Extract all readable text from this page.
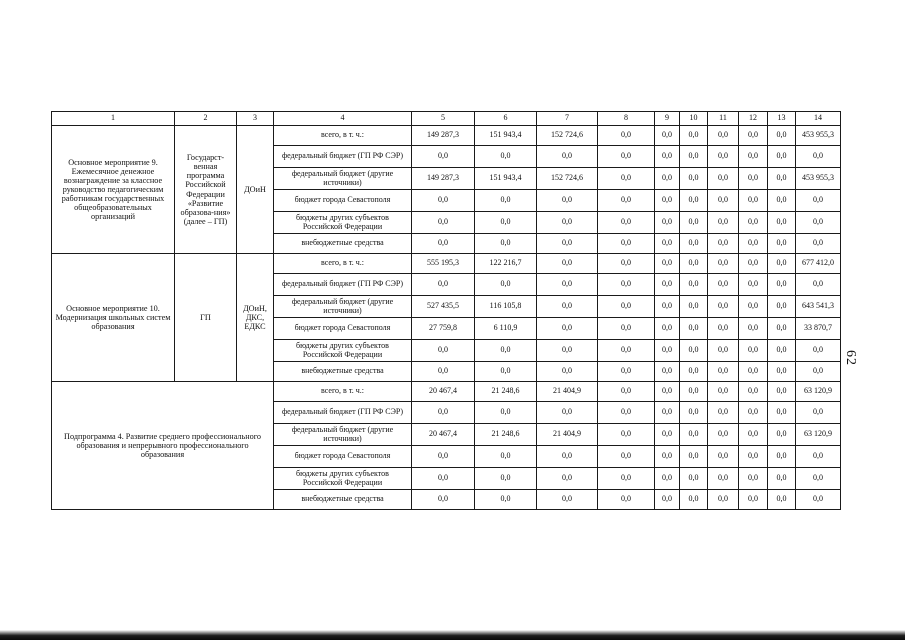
1	2	3	4	5	6	7	8	9	10	11	12	13	14
Основное мероприятие 9. Ежемесячное денежное вознаграждение за классное руководство педагогическим работникам государственных общеобразовательных организаций	Государст-венная программа Российской Федерации «Развитие образова-ния» (далее – ГП)	ДОиН	всего, в т. ч.:	149 287,3	151 943,4	152 724,6	0,0	0,0	0,0	0,0	0,0	0,0	453 955,3
			федеральный бюджет (ГП РФ СЭР)	0,0	0,0	0,0	0,0	0,0	0,0	0,0	0,0	0,0	0,0
			федеральный бюджет (другие источники)	149 287,3	151 943,4	152 724,6	0,0	0,0	0,0	0,0	0,0	0,0	453 955,3
			бюджет города Севастополя	0,0	0,0	0,0	0,0	0,0	0,0	0,0	0,0	0,0	0,0
			бюджеты других субъектов Российской Федерации	0,0	0,0	0,0	0,0	0,0	0,0	0,0	0,0	0,0	0,0
			внебюджетные средства	0,0	0,0	0,0	0,0	0,0	0,0	0,0	0,0	0,0	0,0
Основное мероприятие 10. Модернизация школьных систем образования	ГП	ДОиН, ДКС, ЕДКС	всего, в т. ч.:	555 195,3	122 216,7	0,0	0,0	0,0	0,0	0,0	0,0	0,0	677 412,0
			федеральный бюджет (ГП РФ СЭР)	0,0	0,0	0,0	0,0	0,0	0,0	0,0	0,0	0,0	0,0
			федеральный бюджет (другие источники)	527 435,5	116 105,8	0,0	0,0	0,0	0,0	0,0	0,0	0,0	643 541,3
			бюджет города Севастополя	27 759,8	6 110,9	0,0	0,0	0,0	0,0	0,0	0,0	0,0	33 870,7
			бюджеты других субъектов Российской Федерации	0,0	0,0	0,0	0,0	0,0	0,0	0,0	0,0	0,0	0,0
			внебюджетные средства	0,0	0,0	0,0	0,0	0,0	0,0	0,0	0,0	0,0	0,0
Подпрограмма 4. Развитие среднего профессионального образования и непрерывного профессионального образования			всего, в т. ч.:	20 467,4	21 248,6	21 404,9	0,0	0,0	0,0	0,0	0,0	0,0	63 120,9
			федеральный бюджет (ГП РФ СЭР)	0,0	0,0	0,0	0,0	0,0	0,0	0,0	0,0	0,0	0,0
			федеральный бюджет (другие источники)	20 467,4	21 248,6	21 404,9	0,0	0,0	0,0	0,0	0,0	0,0	63 120,9
			бюджет города Севастополя	0,0	0,0	0,0	0,0	0,0	0,0	0,0	0,0	0,0	0,0
			бюджеты других субъектов Российской Федерации	0,0	0,0	0,0	0,0	0,0	0,0	0,0	0,0	0,0	0,0
			внебюджетные средства	0,0	0,0	0,0	0,0	0,0	0,0	0,0	0,0	0,0	0,0
62
